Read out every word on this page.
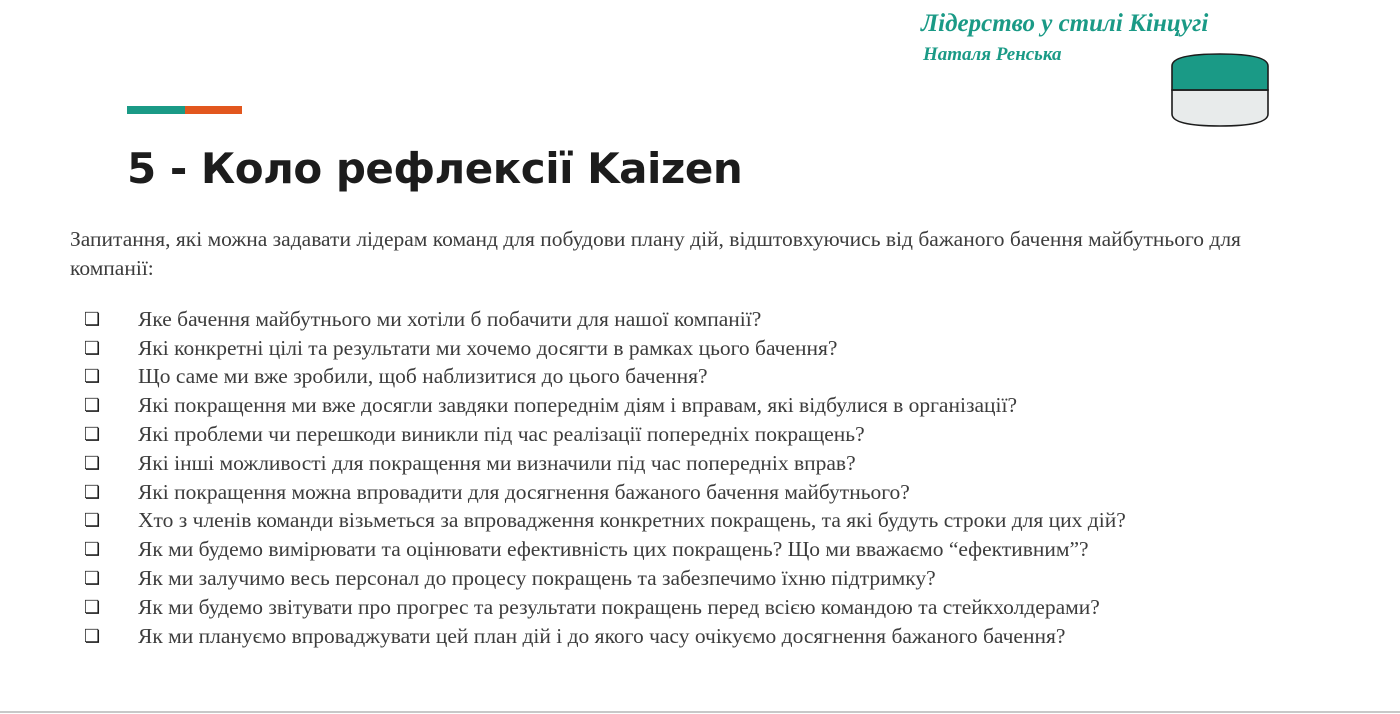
Лідерство у стилі Кінцугі
Наталя Ренська
5 - Коло рефлексії Kaizen

Запитання, які можна задавати лідерам команд для побудови плану дій, відштовхуючись від бажаного бачення майбутнього для компанії:

❏	Яке бачення майбутнього ми хотіли б побачити для нашої компанії?
❏	Які конкретні цілі та результати ми хочемо досягти в рамках цього бачення?
❏	Що саме ми вже зробили, щоб наблизитися до цього бачення?
❏	Які покращення ми вже досягли завдяки попереднім діям і вправам, які відбулися в організації?
❏	Які проблеми чи перешкоди виникли під час реалізації попередніх покращень?
❏	Які інші можливості для покращення ми визначили під час попередніх вправ?
❏	Які покращення можна впровадити для досягнення бажаного бачення майбутнього?
❏	Хто з членів команди візьметься за впровадження конкретних покращень, та які будуть строки для цих дій?
❏	Як ми будемо вимірювати та оцінювати ефективність цих покращень? Що ми вважаємо “ефективним”?
❏	Як ми залучимо весь персонал до процесу покращень та забезпечимо їхню підтримку?
❏	Як ми будемо звітувати про прогрес та результати покращень перед всією командою та стейкхолдерами?
❏	Як ми плануємо впроваджувати цей план дій і до якого часу очікуємо досягнення бажаного бачення?
